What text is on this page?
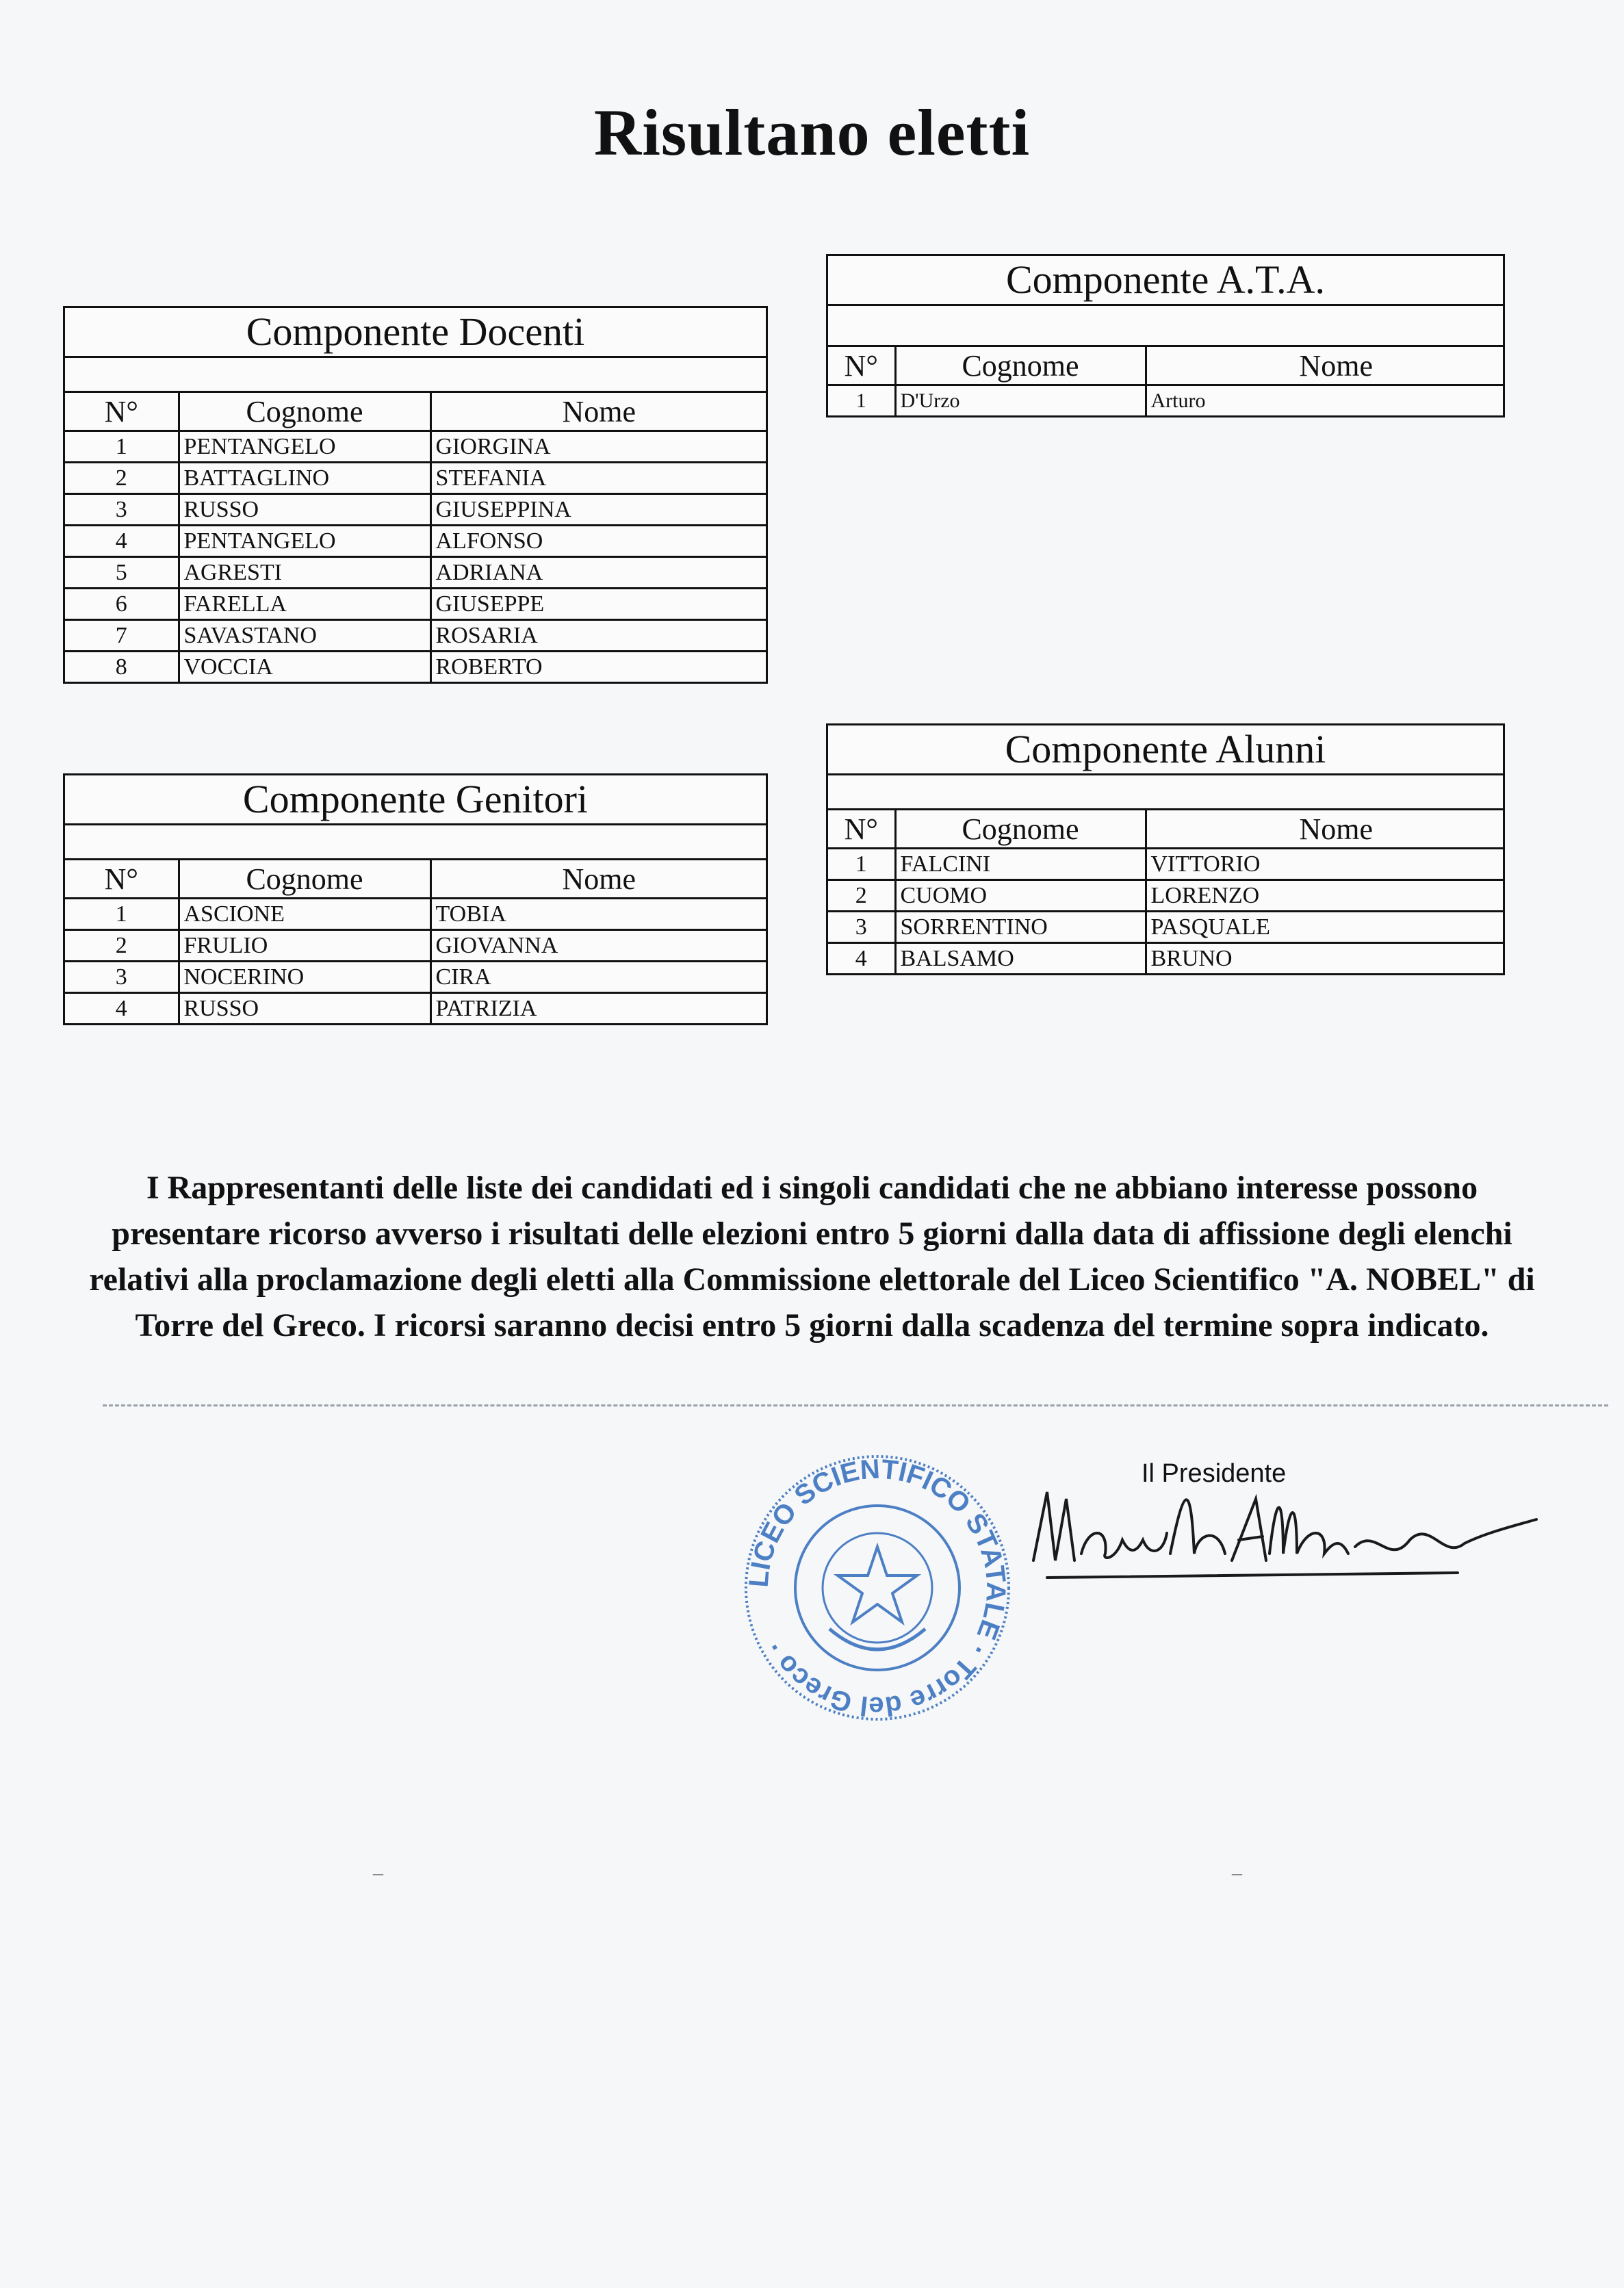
Risultano eletti
Componente Docenti
N°	Cognome	Nome
1	PENTANGELO	GIORGINA
2	BATTAGLINO	STEFANIA
3	RUSSO	GIUSEPPINA
4	PENTANGELO	ALFONSO
5	AGRESTI	ADRIANA
6	FARELLA	GIUSEPPE
7	SAVASTANO	ROSARIA
8	VOCCIA	ROBERTO
Componente A.T.A.
N°	Cognome	Nome
1	D'Urzo	Arturo
Componente Genitori
N°	Cognome	Nome
1	ASCIONE	TOBIA
2	FRULIO	GIOVANNA
3	NOCERINO	CIRA
4	RUSSO	PATRIZIA
Componente Alunni
N°	Cognome	Nome
1	FALCINI	VITTORIO
2	CUOMO	LORENZO
3	SORRENTINO	PASQUALE
4	BALSAMO	BRUNO
I Rappresentanti delle liste dei candidati ed i singoli candidati che ne abbiano interesse possono presentare ricorso avverso i risultati delle elezioni entro 5 giorni dalla data di affissione degli elenchi relativi alla proclamazione degli eletti alla Commissione elettorale del Liceo Scientifico "A. NOBEL" di Torre del Greco. I ricorsi saranno decisi entro 5 giorni dalla scadenza del termine sopra indicato.
LICEO SCIENTIFICO STATALE · Torre del Greco ·
Il Presidente
–	–
